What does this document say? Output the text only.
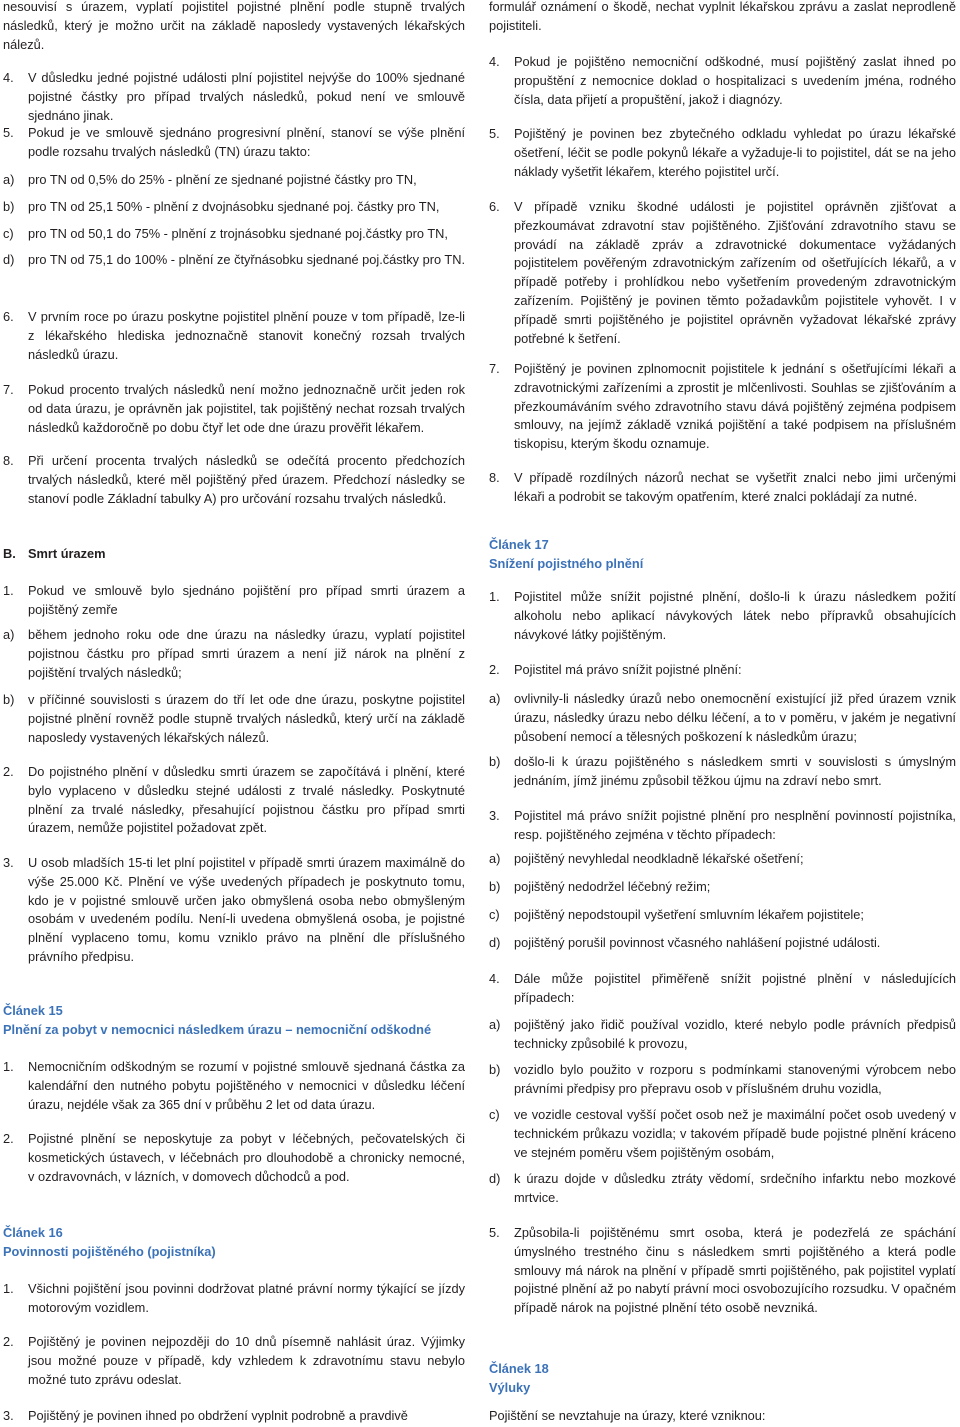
nesouvisí s úrazem, vyplatí pojistitel pojistné plnění podle stupně trvalých následků, který je možno určit na základě naposledy vystavených lékařských nálezů.
4. V důsledku jedné pojistné události plní pojistitel nejvýše do 100% sjednané pojistné částky pro případ trvalých následků, pokud není ve smlouvě sjednáno jinak.
5. Pokud je ve smlouvě sjednáno progresivní plnění, stanoví se výše plnění podle rozsahu trvalých následků (TN) úrazu takto:
a) pro TN od 0,5% do 25% - plnění ze sjednané pojistné částky pro TN,
b) pro TN od 25,1 50% - plnění z dvojnásobku sjednané poj. částky pro TN,
c) pro TN od 50,1 do 75% - plnění z trojnásobku sjednané poj.částky pro TN,
d) pro TN od 75,1 do 100% - plnění ze čtyřnásobku sjednané poj.částky pro TN.
6. V prvním roce po úrazu poskytne pojistitel plnění pouze v tom případě, lze-li z lékařského hlediska jednoznačně stanovit konečný rozsah trvalých následků úrazu.
7. Pokud procento trvalých následků není možno jednoznačně určit jeden rok od data úrazu, je oprávněn jak pojistitel, tak pojištěný nechat rozsah trvalých následků každoročně po dobu čtyř let ode dne úrazu prověřit lékařem.
8. Při určení procenta trvalých následků se odečítá procento předchozích trvalých následků, které měl pojištěný před úrazem. Předchozí následky se stanoví podle Základní tabulky A) pro určování rozsahu trvalých následků.
B. Smrt úrazem
1. Pokud ve smlouvě bylo sjednáno pojištění pro případ smrti úrazem a pojištěný zemře
a) během jednoho roku ode dne úrazu na následky úrazu, vyplatí pojistitel pojistnou částku pro případ smrti úrazem a není již nárok na plnění z pojištění trvalých následků;
b) v příčinné souvislosti s úrazem do tří let ode dne úrazu, poskytne pojistitel pojistné plnění rovněž podle stupně trvalých následků, který určí na základě naposledy vystavených lékařských nálezů.
2. Do pojistného plnění v důsledku smrti úrazem se započítává i plnění, které bylo vyplaceno v důsledku stejné události z trvalé následky. Poskytnuté plnění za trvalé následky, přesahující pojistnou částku pro případ smrti úrazem, nemůže pojistitel požadovat zpět.
3. U osob mladších 15-ti let plní pojistitel v případě smrti úrazem maximálně do výše 25.000 Kč. Plnění ve výše uvedených případech je poskytnuto tomu, kdo je v pojistné smlouvě určen jako obmyšlená osoba nebo obmyšleným osobám v uvedeném podílu. Není-li uvedena obmyšlená osoba, je pojistné plnění vyplaceno tomu, komu vzniklo právo na plnění dle příslušného právního předpisu.
Článek 15
Plnění za pobyt v nemocnici následkem úrazu – nemocniční odškodné
1. Nemocničním odškodným se rozumí v pojistné smlouvě sjednaná částka za kalendářní den nutného pobytu pojištěného v nemocnici v důsledku léčení úrazu, nejdéle však za 365 dní v průběhu 2 let od data úrazu.
2. Pojistné plnění se neposkytuje za pobyt v léčebných, pečovatelských či kosmetických ústavech, v léčebnách pro dlouhodobě a chronicky nemocné, v ozdravovnách, v lázních, v domovech důchodců a pod.
Článek 16
Povinnosti pojištěného (pojistníka)
1. Všichni pojištění jsou povinni dodržovat platné právní normy týkající se jízdy motorovým vozidlem.
2. Pojištěný je povinen nejpozději do 10 dnů písemně nahlásit úraz. Výjimky jsou možné pouze v případě, kdy vzhledem k zdravotnímu stavu nebylo možné tuto zprávu odeslat.
3. Pojištěný je povinen ihned po obdržení vyplnit podrobně a pravdivě
formulář oznámení o škodě, nechat vyplnit lékařskou zprávu a zaslat neprodleně pojistiteli.
4. Pokud je pojištěno nemocniční odškodné, musí pojištěný zaslat ihned po propuštění z nemocnice doklad o hospitalizaci s uvedením jména, rodného čísla, data přijetí a propuštění, jakož i diagnózy.
5. Pojištěný je povinen bez zbytečného odkladu vyhledat po úrazu lékařské ošetření, léčit se podle pokynů lékaře a vyžaduje-li to pojistitel, dát se na jeho náklady vyšetřit lékařem, kterého pojistitel určí.
6. V případě vzniku škodné události je pojistitel oprávněn zjišťovat a přezkoumávat zdravotní stav pojištěného. Zjišťování zdravotního stavu se provádí na základě zpráv a zdravotnické dokumentace vyžádaných pojistitelem pověřeným zdravotnickým zařízením od ošetřujících lékařů, a v případě potřeby i prohlídkou nebo vyšetřením provedeným zdravotnickým zařízením. Pojištěný je povinen těmto požadavkům pojistitele vyhovět. I v případě smrti pojištěného je pojistitel oprávněn vyžadovat lékařské zprávy potřebné k šetření.
7. Pojištěný je povinen zplnomocnit pojistitele k jednání s ošetřujícími lékaři a zdravotnickými zařízeními a zprostit je mlčenlivosti. Souhlas se zjišťováním a přezkoumáváním svého zdravotního stavu dává pojištěný zejména podpisem smlouvy, na jejímž základě vzniká pojištění a také podpisem na příslušném tiskopisu, kterým škodu oznamuje.
8. V případě rozdílných názorů nechat se vyšetřit znalci nebo jimi určenými lékaři a podrobit se takovým opatřením, které znalci pokládají za nutné.
Článek 17
Snížení pojistného plnění
1. Pojistitel může snížit pojistné plnění, došlo-li k úrazu následkem požití alkoholu nebo aplikací návykových látek nebo přípravků obsahujících návykové látky pojištěným.
2. Pojistitel má právo snížit pojistné plnění:
a) ovlivnily-li následky úrazů nebo onemocnění existující již před úrazem vznik úrazu, následky úrazu nebo délku léčení, a to v poměru, v jakém je negativní působení nemocí a tělesných poškození k následkům úrazu;
b) došlo-li k úrazu pojištěného s následkem smrti v souvislosti s úmyslným jednáním, jímž jinému způsobil těžkou újmu na zdraví nebo smrt.
3. Pojistitel má právo snížit pojistné plnění pro nesplnění povinností pojistníka, resp. pojištěného zejména v těchto případech:
a) pojištěný nevyhledal neodkladně lékařské ošetření;
b) pojištěný nedodržel léčebný režim;
c) pojištěný nepodstoupil vyšetření smluvním lékařem pojistitele;
d) pojištěný porušil povinnost včasného nahlášení pojistné události.
4. Dále může pojistitel přiměřeně snížit pojistné plnění v následujících případech:
a) pojištěný jako řidič používal vozidlo, které nebylo podle právních předpisů technicky způsobilé k provozu,
b) vozidlo bylo použito v rozporu s podmínkami stanovenými výrobcem nebo právními předpisy pro přepravu osob v příslušném druhu vozidla,
c) ve vozidle cestoval vyšší počet osob než je maximální počet osob uvedený v technickém průkazu vozidla; v takovém případě bude pojistné plnění kráceno ve stejném poměru všem pojištěným osobám,
d) k úrazu dojde v důsledku ztráty vědomí, srdečního infarktu nebo mozkové mrtvice.
5. Způsobila-li pojištěnému smrt osoba, která je podezřelá ze spáchání úmyslného trestného činu s následkem smrti pojištěného a která podle smlouvy má nárok na plnění v případě smrti pojištěného, pak pojistitel vyplatí pojistné plnění až po nabytí právní moci osvobozujícího rozsudku. V opačném případě nárok na pojistné plnění této osobě nevzniká.
Článek 18
Výluky
Pojištění se nevztahuje na úrazy, které vzniknou:
